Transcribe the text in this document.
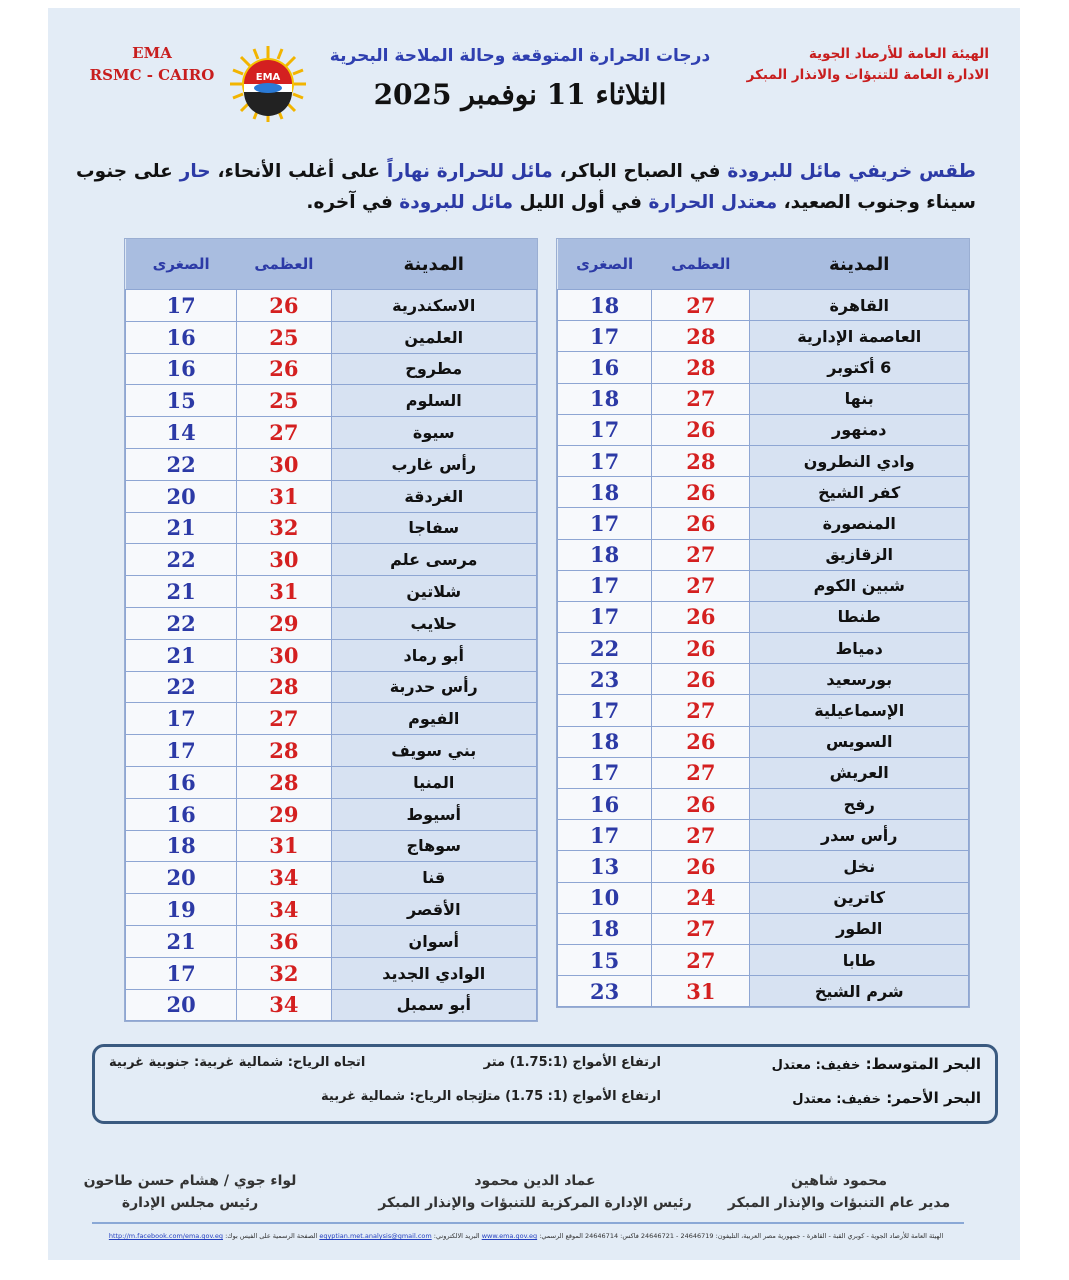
EMA
RSMC - CAIRO	EMA
درجات الحرارة المتوقعة وحالة الملاحة البحرية
الثلاثاء 11 نوفمبر 2025
الهيئة العامة للأرصاد الجوية
الادارة العامة للتنبؤات والانذار المبكر
طقس خريفي مائل للبرودة في الصباح الباكر، مائل للحرارة نهاراً على أغلب الأنحاء، حار على جنوب سيناء وجنوب الصعيد، معتدل الحرارة في أول الليل مائل للبرودة في آخره.
المدينة	العظمى	الصغرى
القاهرة	27	18
العاصمة الإدارية	28	17
6 أكتوبر	28	16
بنها	27	18
دمنهور	26	17
وادي النطرون	28	17
كفر الشيخ	26	18
المنصورة	26	17
الزقازيق	27	18
شبين الكوم	27	17
طنطا	26	17
دمياط	26	22
بورسعيد	26	23
الإسماعيلية	27	17
السويس	26	18
العريش	27	17
رفح	26	16
رأس سدر	27	17
نخل	26	13
كاترين	24	10
الطور	27	18
طابا	27	15
شرم الشيخ	31	23
المدينة	العظمى	الصغرى
الاسكندرية	26	17
العلمين	25	16
مطروح	26	16
السلوم	25	15
سيوة	27	14
رأس غارب	30	22
الغردقة	31	20
سفاجا	32	21
مرسى علم	30	22
شلاتين	31	21
حلايب	29	22
أبو رماد	30	21
رأس حدربة	28	22
الفيوم	27	17
بني سويف	28	17
المنيا	28	16
أسيوط	29	16
سوهاج	31	18
قنا	34	20
الأقصر	34	19
أسوان	36	21
الوادي الجديد	32	17
أبو سمبل	34	20
البحر المتوسط: خفيف: معتدل
ارتفاع الأمواج (1.75:1) متر
اتجاه الرياح: شمالية غربية: جنوبية غربية
البحر الأحمر: خفيف: معتدل
ارتفاع الأمواج (1: 1.75) متر
اتجاه الرياح: شمالية غربية
محمود شاهين
مدير عام التنبؤات والإنذار المبكر
عماد الدين محمود
رئيس الإدارة المركزية للتنبؤات والإنذار المبكر
لواء جوي / هشام حسن طاحون
رئيس مجلس الإدارة
الهيئة العامة للأرصاد الجوية - كوبري القبة - القاهرة - جمهورية مصر العربية، التليفون: 24646719 - 24646721 فاكس: 24646714 الموقع الرسمي: www.ema.gov.eg البريد الالكتروني: egyptian.met.analysis@gmail.com الصفحة الرسمية على الفيس بوك: http://m.facebook.com/ema.gov.eg
